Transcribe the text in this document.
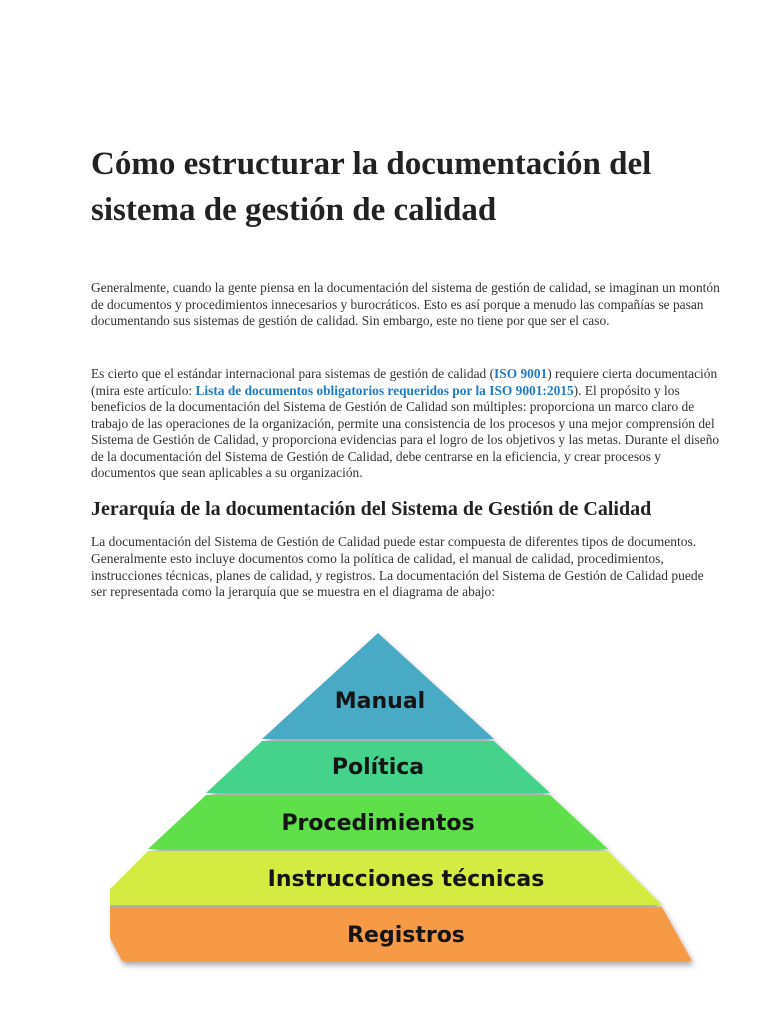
Cómo estructurar la documentación del sistema de gestión de calidad

Generalmente, cuando la gente piensa en la documentación del sistema de gestión de calidad, se imaginan un montón de documentos y procedimientos innecesarios y burocráticos. Esto es así porque a menudo las compañías se pasan documentando sus sistemas de gestión de calidad. Sin embargo, este no tiene por que ser el caso.

Es cierto que el estándar internacional para sistemas de gestión de calidad (ISO 9001) requiere cierta documentación (mira este artículo: Lista de documentos obligatorios requeridos por la ISO 9001:2015). El propósito y los beneficios de la documentación del Sistema de Gestión de Calidad son múltiples: proporciona un marco claro de trabajo de las operaciones de la organización, permite una consistencia de los procesos y una mejor comprensión del Sistema de Gestión de Calidad, y proporciona evidencias para el logro de los objetivos y las metas. Durante el diseño de la documentación del Sistema de Gestión de Calidad, debe centrarse en la eficiencia, y crear procesos y documentos que sean aplicables a su organización.

Jerarquía de la documentación del Sistema de Gestión de Calidad

La documentación del Sistema de Gestión de Calidad puede estar compuesta de diferentes tipos de documentos. Generalmente esto incluye documentos como la política de calidad, el manual de calidad, procedimientos, instrucciones técnicas, planes de calidad, y registros. La documentación del Sistema de Gestión de Calidad puede ser representada como la jerarquía que se muestra en el diagrama de abajo:

Manual
Política
Procedimientos
Instrucciones técnicas
Registros
